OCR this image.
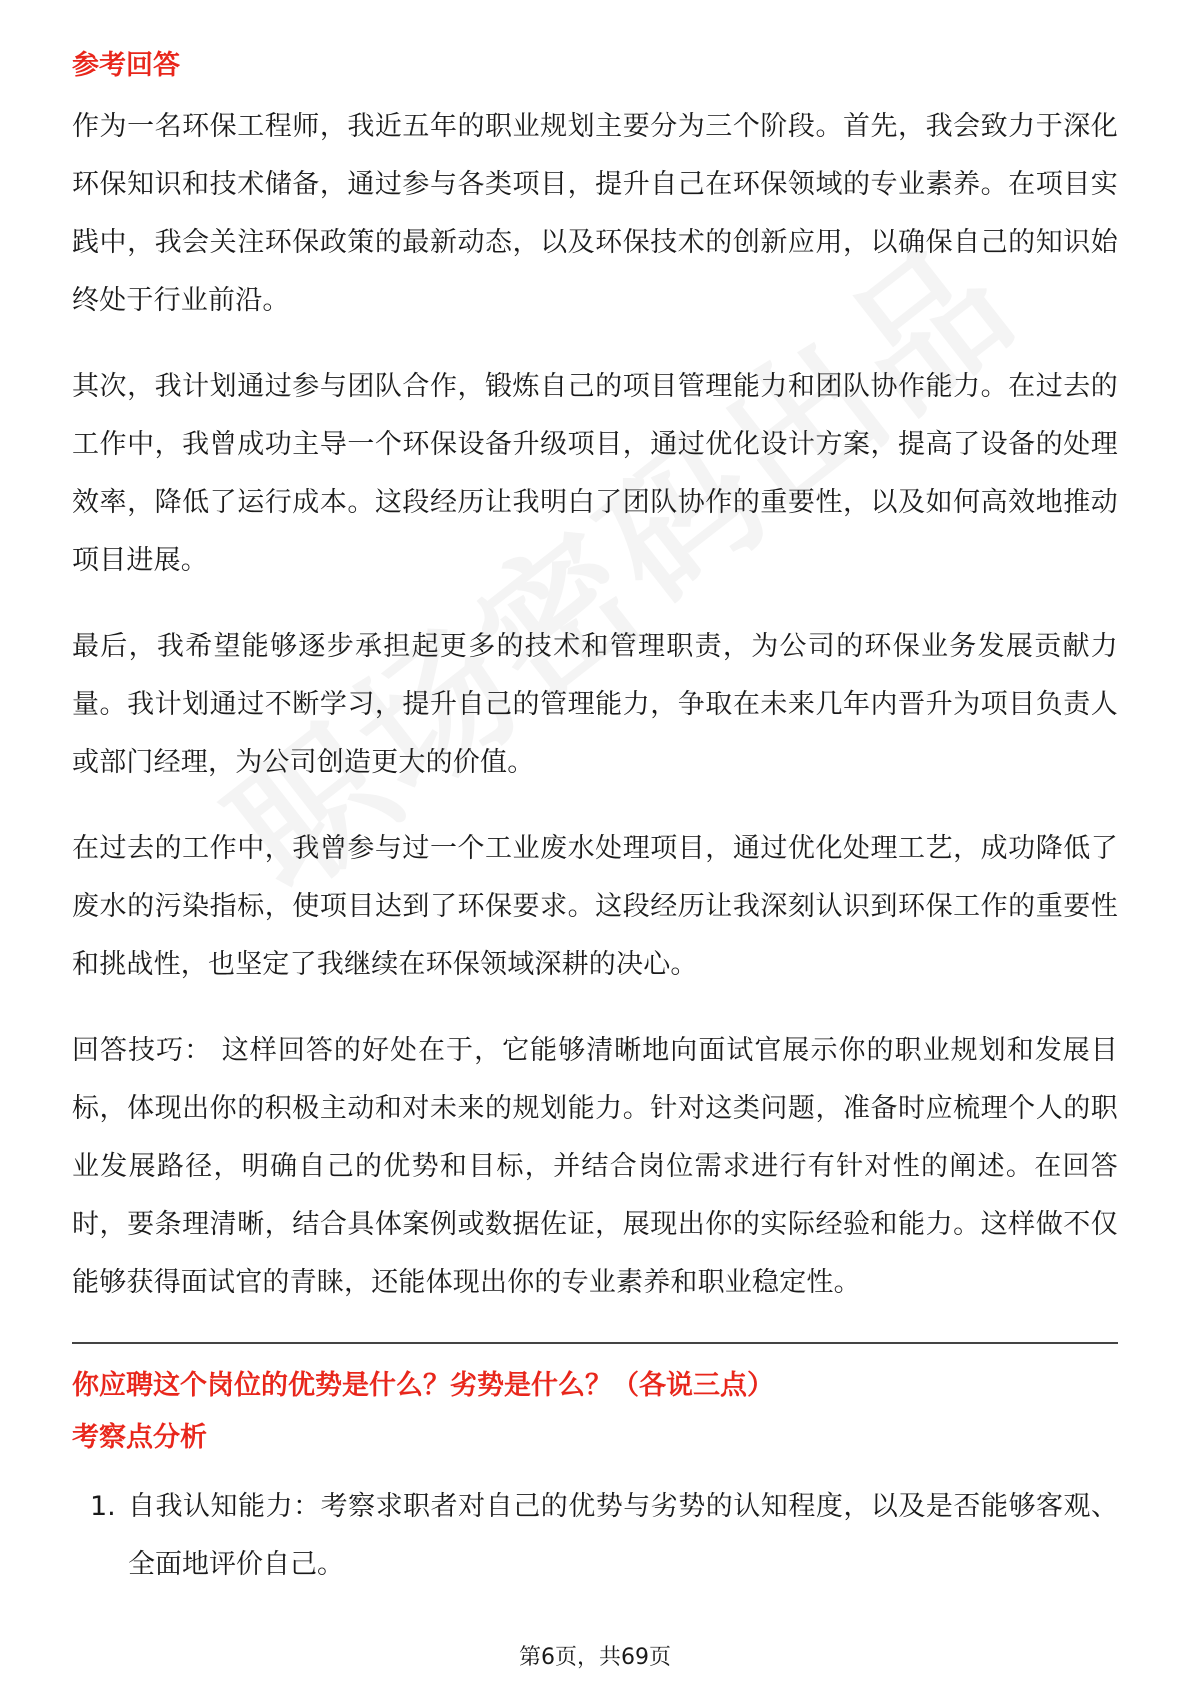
参考回答

作为一名环保工程师，我近五年的职业规划主要分为三个阶段。首先，我会致力于深化环保知识和技术储备，通过参与各类项目，提升自己在环保领域的专业素养。在项目实践中，我会关注环保政策的最新动态，以及环保技术的创新应用，以确保自己的知识始终处于行业前沿。

其次，我计划通过参与团队合作，锻炼自己的项目管理能力和团队协作能力。在过去的工作中，我曾成功主导一个环保设备升级项目，通过优化设计方案，提高了设备的处理效率，降低了运行成本。这段经历让我明白了团队协作的重要性，以及如何高效地推动项目进展。

最后，我希望能够逐步承担起更多的技术和管理职责，为公司的环保业务发展贡献力量。我计划通过不断学习，提升自己的管理能力，争取在未来几年内晋升为项目负责人或部门经理，为公司创造更大的价值。

在过去的工作中，我曾参与过一个工业废水处理项目，通过优化处理工艺，成功降低了废水的污染指标，使项目达到了环保要求。这段经历让我深刻认识到环保工作的重要性和挑战性，也坚定了我继续在环保领域深耕的决心。

回答技巧： 这样回答的好处在于，它能够清晰地向面试官展示你的职业规划和发展目标，体现出你的积极主动和对未来的规划能力。针对这类问题，准备时应梳理个人的职业发展路径，明确自己的优势和目标，并结合岗位需求进行有针对性的阐述。在回答时，要条理清晰，结合具体案例或数据佐证，展现出你的实际经验和能力。这样做不仅能够获得面试官的青睐，还能体现出你的专业素养和职业稳定性。

你应聘这个岗位的优势是什么？劣势是什么？（各说三点）
考察点分析
1. 自我认知能力：考察求职者对自己的优势与劣势的认知程度，以及是否能够客观、全面地评价自己。
第6页，共69页
